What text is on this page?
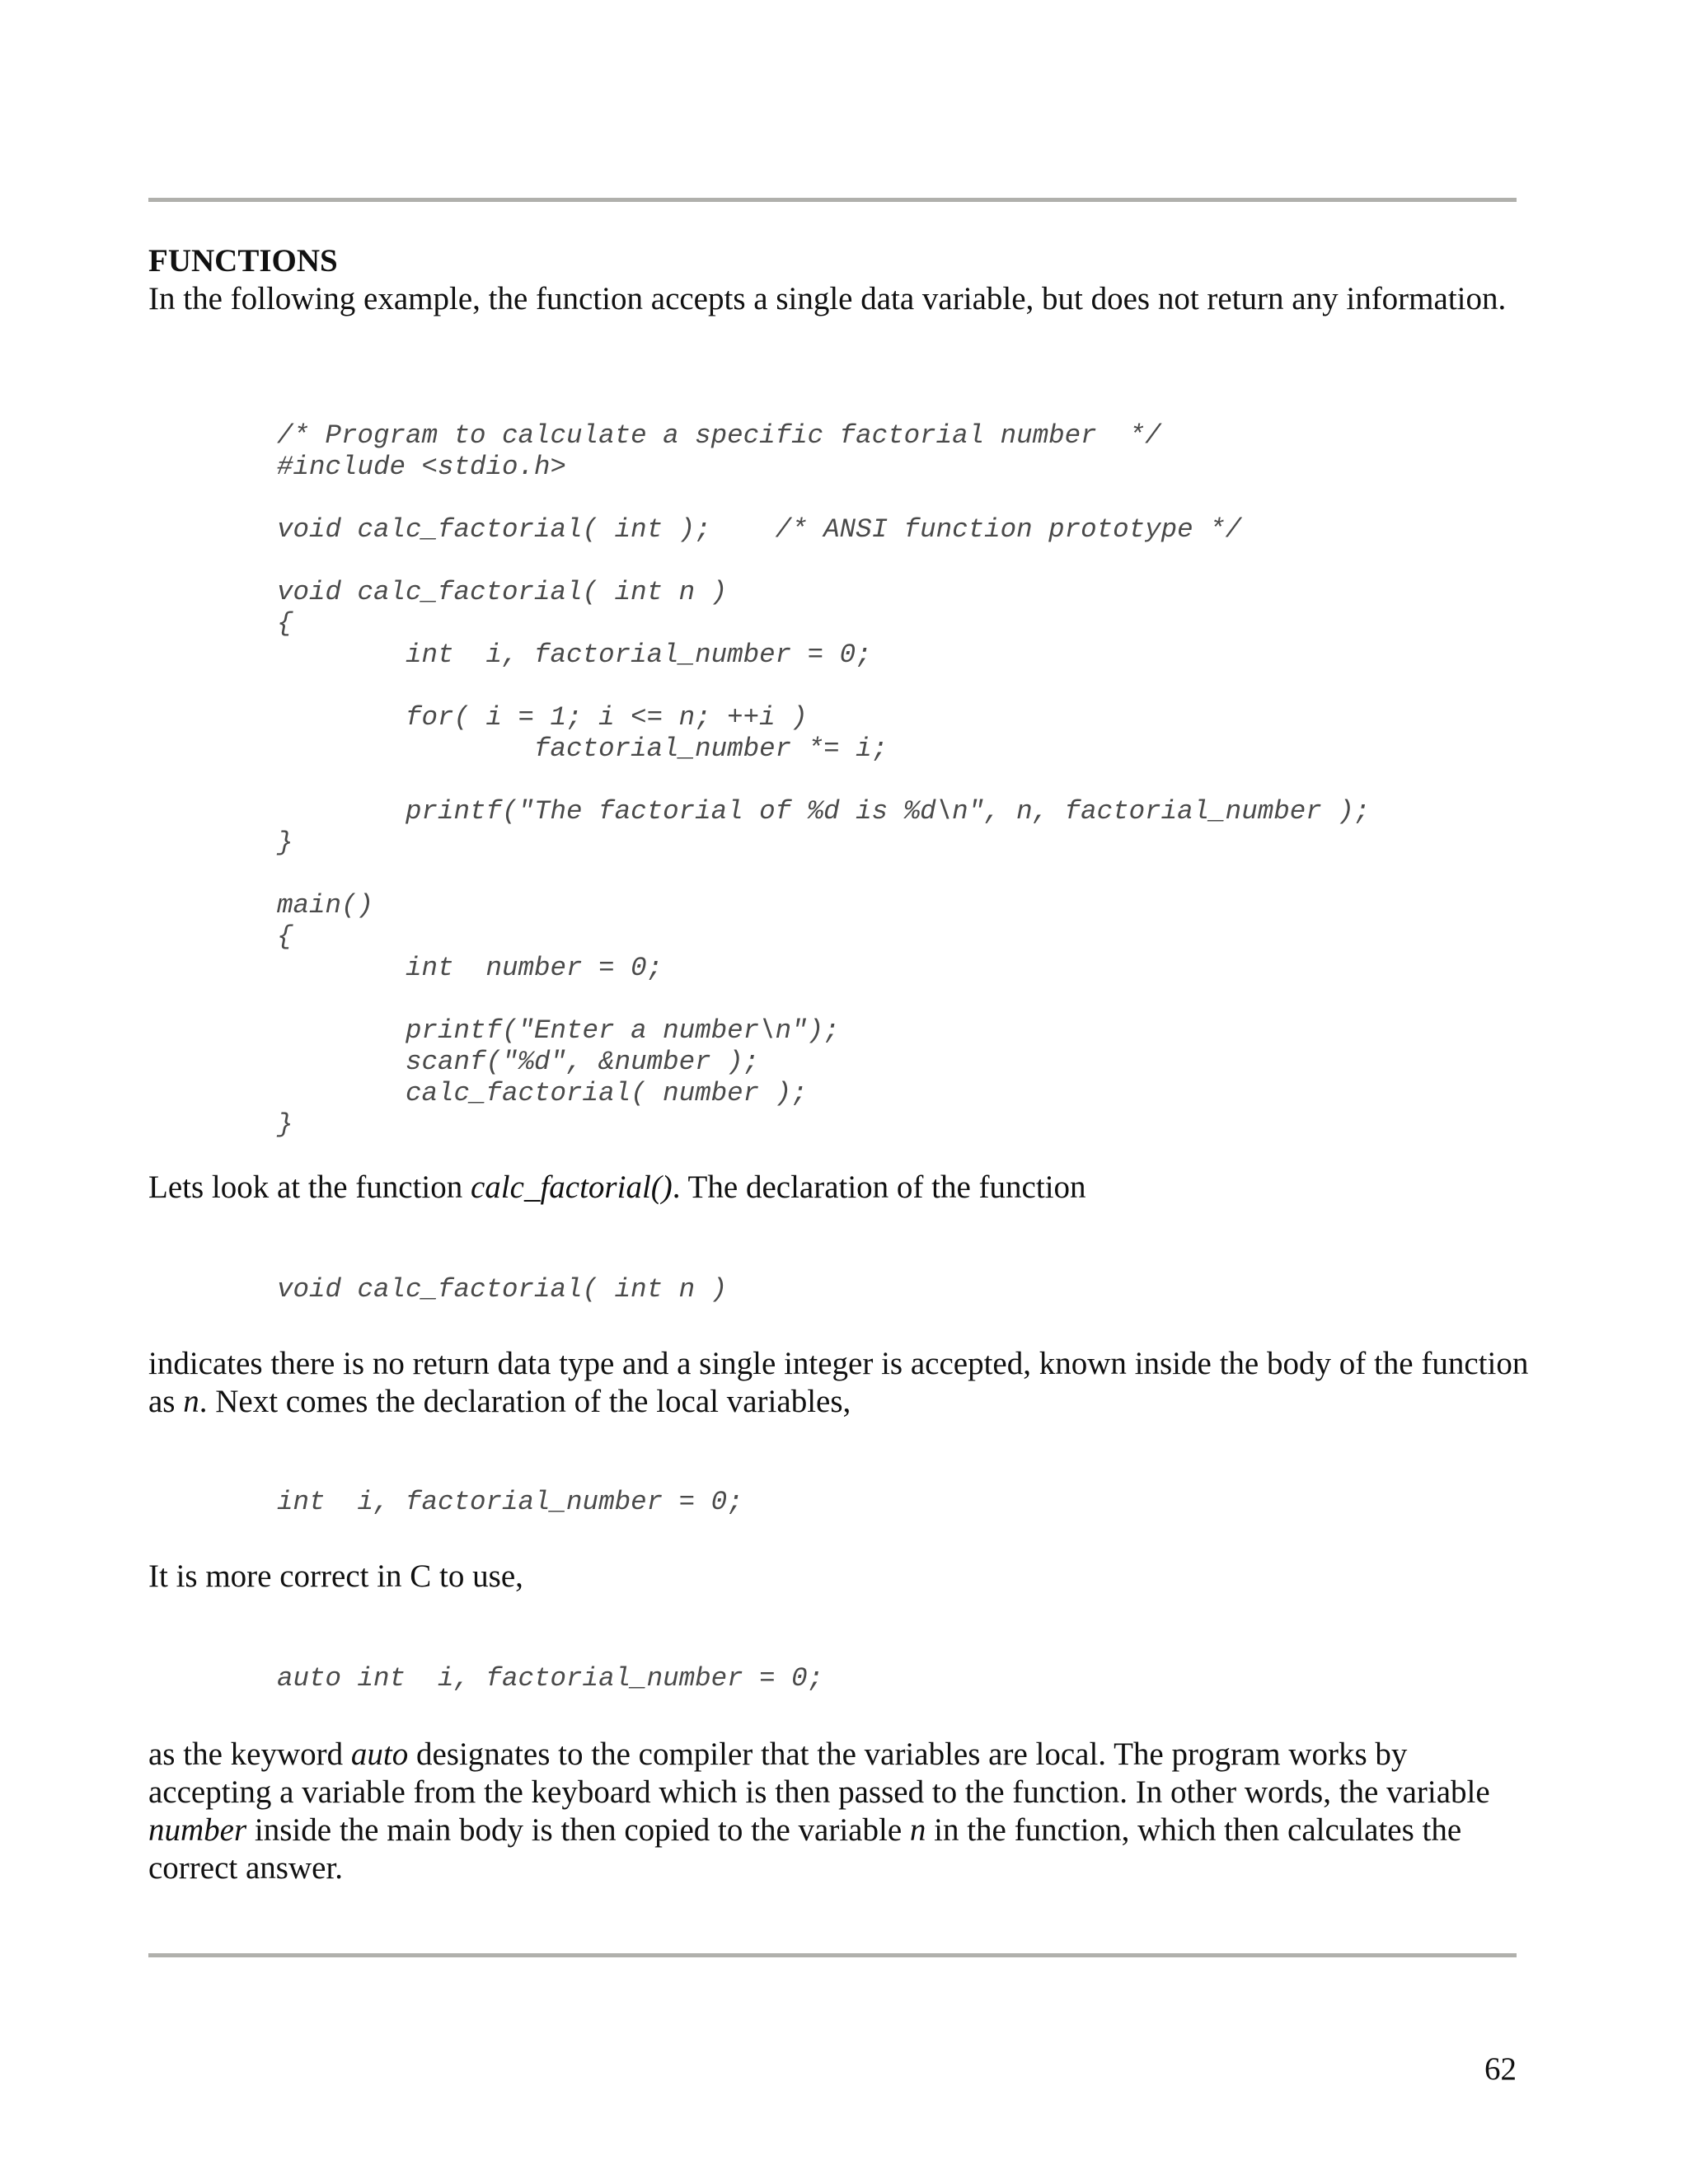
FUNCTIONS

In the following example, the function accepts a single data variable, but does not return any information.

/* Program to calculate a specific factorial number  */
#include <stdio.h>
void calc_factorial( int );    /* ANSI function prototype */
void calc_factorial( int n )
{
int  i, factorial_number = 0;
for( i = 1; i <= n; ++i )
factorial_number *= i;
printf("The factorial of %d is %d\n", n, factorial_number );
}
main()
{
int  number = 0;
printf("Enter a number\n");
scanf("%d", &number );
calc_factorial( number );
}

Lets look at the function calc_factorial(). The declaration of the function

void calc_factorial( int n )

indicates there is no return data type and a single integer is accepted, known inside the body of the function as n. Next comes the declaration of the local variables,

int  i, factorial_number = 0;

It is more correct in C to use,

auto int  i, factorial_number = 0;

as the keyword auto designates to the compiler that the variables are local. The program works by accepting a variable from the keyboard which is then passed to the function. In other words, the variable number inside the main body is then copied to the variable n in the function, which then calculates the correct answer.

62
